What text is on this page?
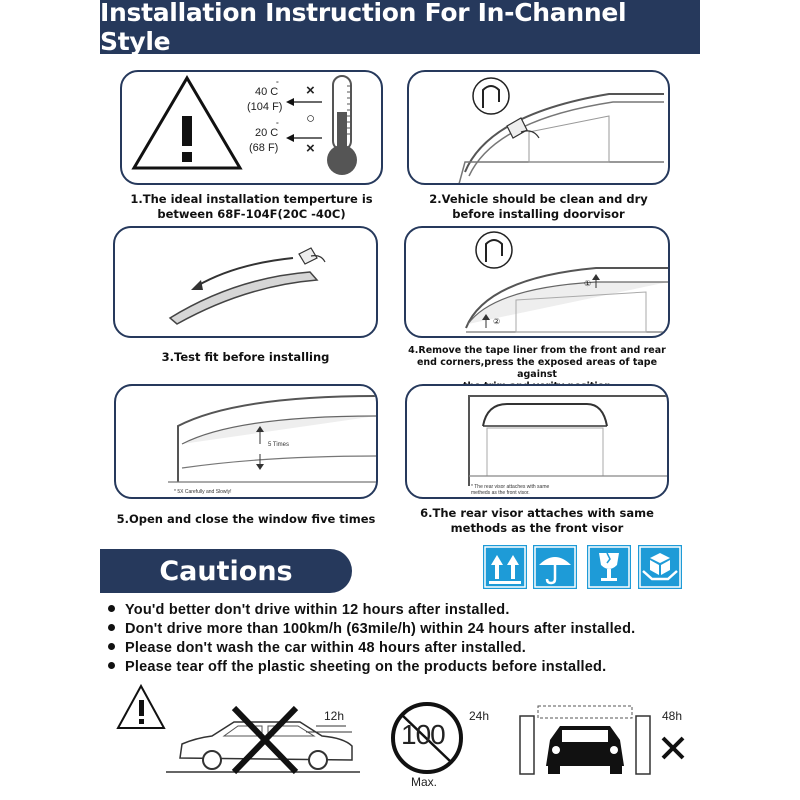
Installation Instruction For In-Channel Style
40 C
°
(104 F)
20 C
°
(68 F)
×
○
×
1.The ideal installation temperture is
between 68F-104F(20C -40C)
2.Vehicle should be clean and dry
before installing doorvisor
3.Test fit before installing
①
②
4.Remove the tape liner from the front and rear
end corners,press the exposed areas of tape against
5 Times
* 5X Carefully and Slowly!
5.Open and close the window five times
* The rear visor attaches with same
metheds as the front visor.
6.The rear visor attaches with same
methods as the front visor
Cautions
You'd better don't drive within 12 hours after installed.
Don't drive more than 100km/h (63mile/h) within 24 hours after installed.
Please don't wash the car within 48 hours after installed.
Please tear off the plastic sheeting on the products before installed.
12h
100
24h
Max.
48h
